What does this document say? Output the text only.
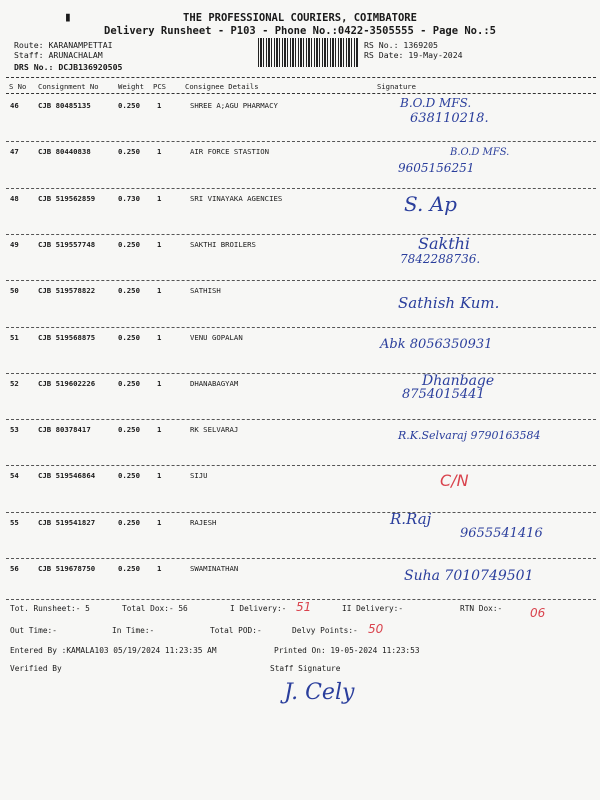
▮	THE PROFESSIONAL COURIERS, COIMBATORE
Delivery Runsheet - P103 - Phone No.:0422-3505555 - Page No.:5
Route: KARANAMPETTAI
Staff: ARUNACHALAM
DRS No.: DCJB136920505
RS No.: 1369205
RS Date: 19-May-2024
S No Consignment No	Weight PCS	Consignee Details	Signature
46	CJB 80485135	0.250 1	SHREE A;AGU PHARMACY	B.O.D MFS.
638110218.
47	CJB 80440838	0.250 1	AIR FORCE STASTION	B.O.D MFS.
9605156251
48	CJB 519562859	0.730 1	SRI VINAYAKA AGENCIES	S. Ap
49	CJB 519557748	0.250 1	SAKTHI BROILERS	Sakthi
7842288736.
50	CJB 519578822	0.250 1	SATHISH
Sathish Kum.
51	CJB 519568875	0.250 1	VENU GOPALAN	Abk 8056350931
52	CJB 519602226	0.250 1	DHANABAGYAM	Dhanbage
8754015441
53	CJB 80378417	0.250 1	RK SELVARAJ	R.K.Selvaraj 9790163584
54	CJB 519546864	0.250 1	SIJU	C/N
55	CJB 519541827	0.250 1	RAJESH	R.Raj
9655541416
56	CJB 519678750	0.250 1	SWAMINATHAN	Suha 7010749501
Tot. Runsheet:- 5	Total Dox:- 56	I Delivery:- 51	II Delivery:-	RTN Dox:- 06
Out Time:-	In Time:-	Total POD:-	Delvy Points:- 50
Entered By :KAMALA103 05/19/2024 11:23:35 AM	Printed On: 19-05-2024 11:23:53
Verified By	Staff Signature
J. Cely
